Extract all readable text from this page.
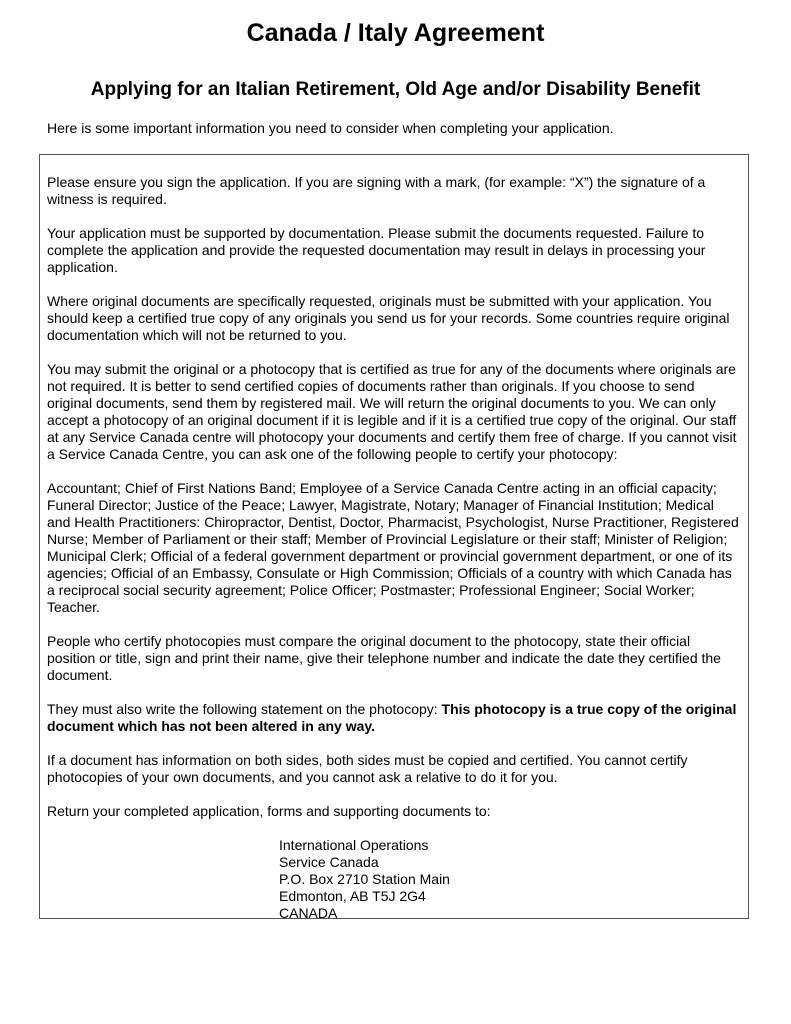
Canada / Italy Agreement
Applying for an Italian Retirement, Old Age and/or Disability Benefit

Here is some important information you need to consider when completing your application.

Please ensure you sign the application. If you are signing with a mark, (for example: “X”) the signature of a witness is required.

Your application must be supported by documentation. Please submit the documents requested. Failure to complete the application and provide the requested documentation may result in delays in processing your application.

Where original documents are specifically requested, originals must be submitted with your application. You should keep a certified true copy of any originals you send us for your records. Some countries require original documentation which will not be returned to you.

You may submit the original or a photocopy that is certified as true for any of the documents where originals are not required. It is better to send certified copies of documents rather than originals. If you choose to send original documents, send them by registered mail. We will return the original documents to you. We can only accept a photocopy of an original document if it is legible and if it is a certified true copy of the original. Our staff at any Service Canada centre will photocopy your documents and certify them free of charge. If you cannot visit a Service Canada Centre, you can ask one of the following people to certify your photocopy:

Accountant; Chief of First Nations Band; Employee of a Service Canada Centre acting in an official capacity; Funeral Director; Justice of the Peace; Lawyer, Magistrate, Notary; Manager of Financial Institution; Medical and Health Practitioners: Chiropractor, Dentist, Doctor, Pharmacist, Psychologist, Nurse Practitioner, Registered Nurse; Member of Parliament or their staff; Member of Provincial Legislature or their staff; Minister of Religion; Municipal Clerk; Official of a federal government department or provincial government department, or one of its agencies; Official of an Embassy, Consulate or High Commission; Officials of a country with which Canada has a reciprocal social security agreement; Police Officer; Postmaster; Professional Engineer; Social Worker; Teacher.

People who certify photocopies must compare the original document to the photocopy, state their official position or title, sign and print their name, give their telephone number and indicate the date they certified the document.

They must also write the following statement on the photocopy: This photocopy is a true copy of the original document which has not been altered in any way.

If a document has information on both sides, both sides must be copied and certified. You cannot certify photocopies of your own documents, and you cannot ask a relative to do it for you.

Return your completed application, forms and supporting documents to:

International Operations
Service Canada
P.O. Box 2710 Station Main
Edmonton, AB T5J 2G4
CANADA
